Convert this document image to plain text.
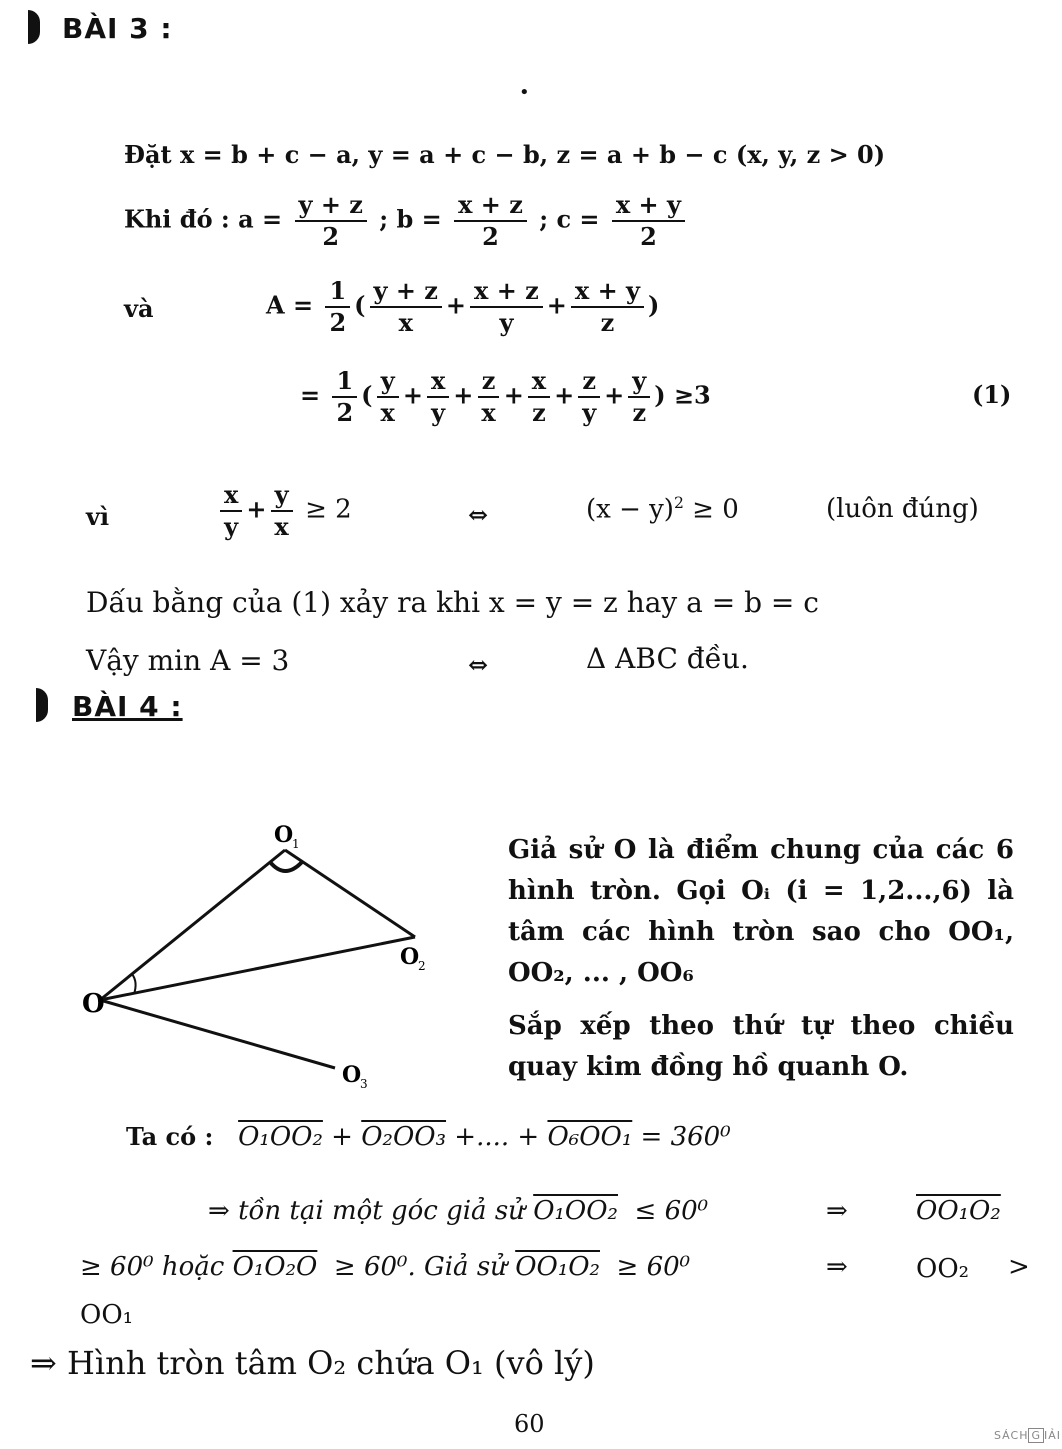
BÀI 3 :
•
Đặt x = b + c − a, y = a + c − b, z = a + b − c (x, y, z > 0)
Khi đó : $a = \frac{y + z}{2}$ ; $b = \frac{x + z}{2}$ ; $c = \frac{x + y}{2}$
và	$A = \frac{1}{2}$ ( $\frac{y + z}{x} + \frac{x + z}{y} + \frac{x + y}{z}$ )
= $\frac{1}{2}$ ( $\frac{y}{x} + \frac{x}{y} + \frac{z}{x} + \frac{x}{z} + \frac{z}{y} + \frac{y}{z}$ ) ≥3	(1)
vì	$\frac{x}{y} + \frac{y}{x} \ge 2$	⇔	$(x - y)^2 \ge 0$	(luôn đúng)
Dấu bằng của (1) xảy ra khi x = y = z hay a = b = c
Vậy min A = 3	⇔	Δ ABC đều.
BÀI 4 :
O
O
1
O
2
O
3
Giả sử O là điểm chung của các 6
hình tròn. Gọi Oᵢ (i = 1,2...,6) là
tâm các hình tròn sao cho OO₁,
OO₂, ... , OO₆
Sắp xếp theo thứ tự theo chiều
quay kim đồng hồ quanh O.
Ta có : O₁OO₂ + O₂OO₃ +.... + O₆OO₁ = 360⁰
⇒ tồn tại một góc giả sử O₁OO₂ ≤ 60⁰	⇒	OO₁O₂
≥ 60⁰ hoặc O₁O₂O ≥ 60⁰. Giả sử OO₁O₂ ≥ 60⁰	⇒	OO₂ >
OO₁
⇒ Hình tròn tâm O₂ chứa O₁ (vô lý)
60	SÁCH G IẢI
